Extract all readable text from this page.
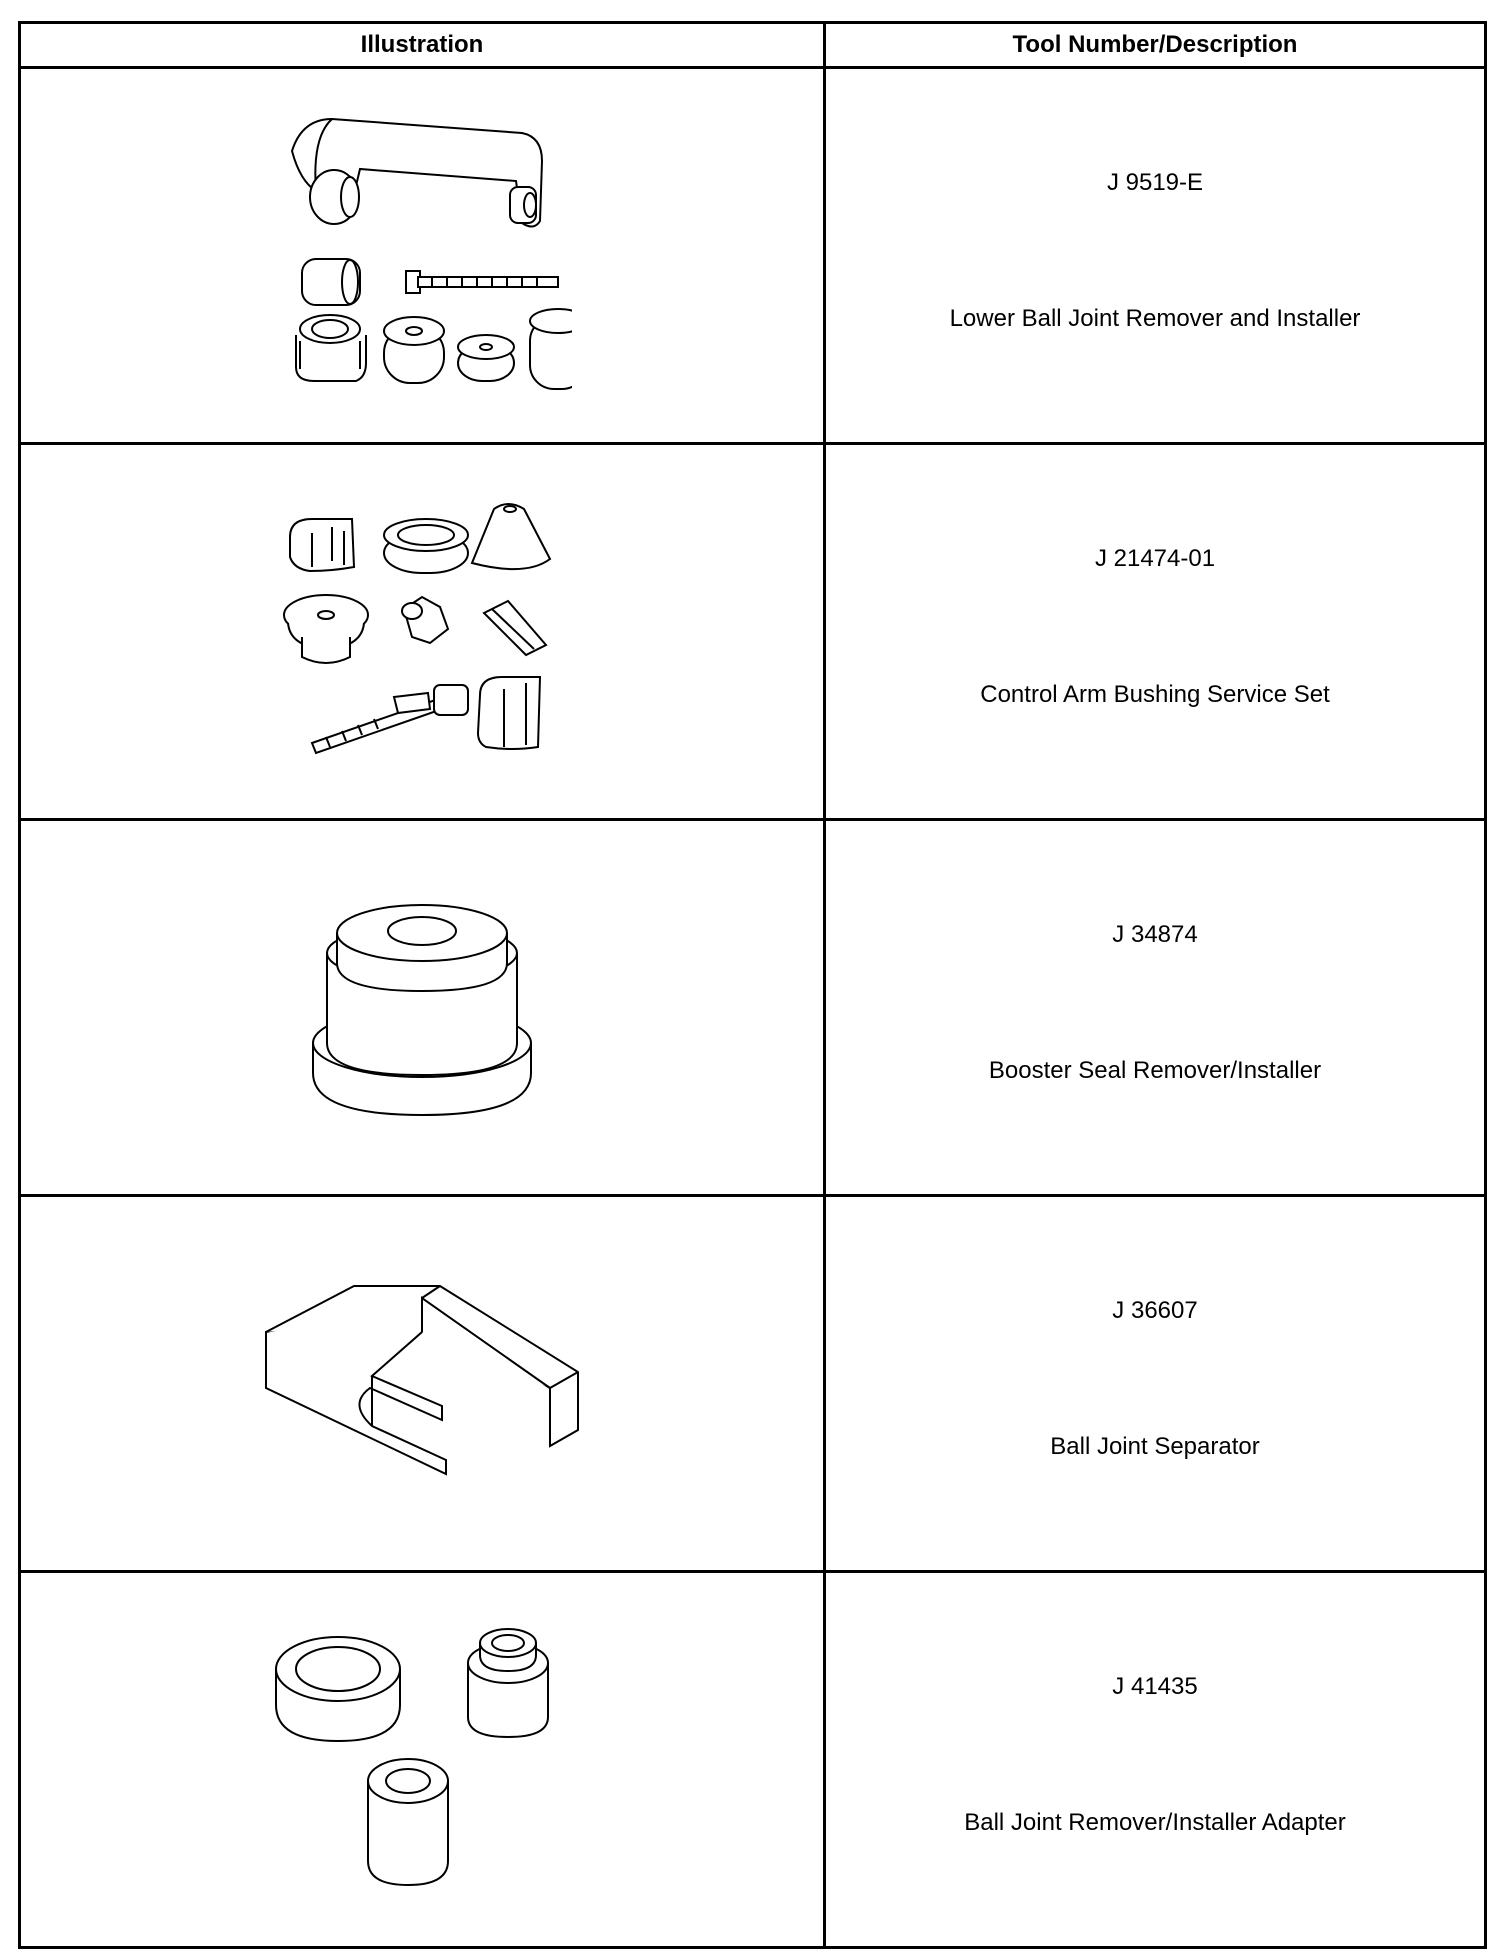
Illustration	Tool Number/Description

J 9519-E
Lower Ball Joint Remover and Installer

J 21474-01
Control Arm Bushing Service Set

J 34874
Booster Seal Remover/Installer

J 36607
Ball Joint Separator

J 41435
Ball Joint Remover/Installer Adapter
